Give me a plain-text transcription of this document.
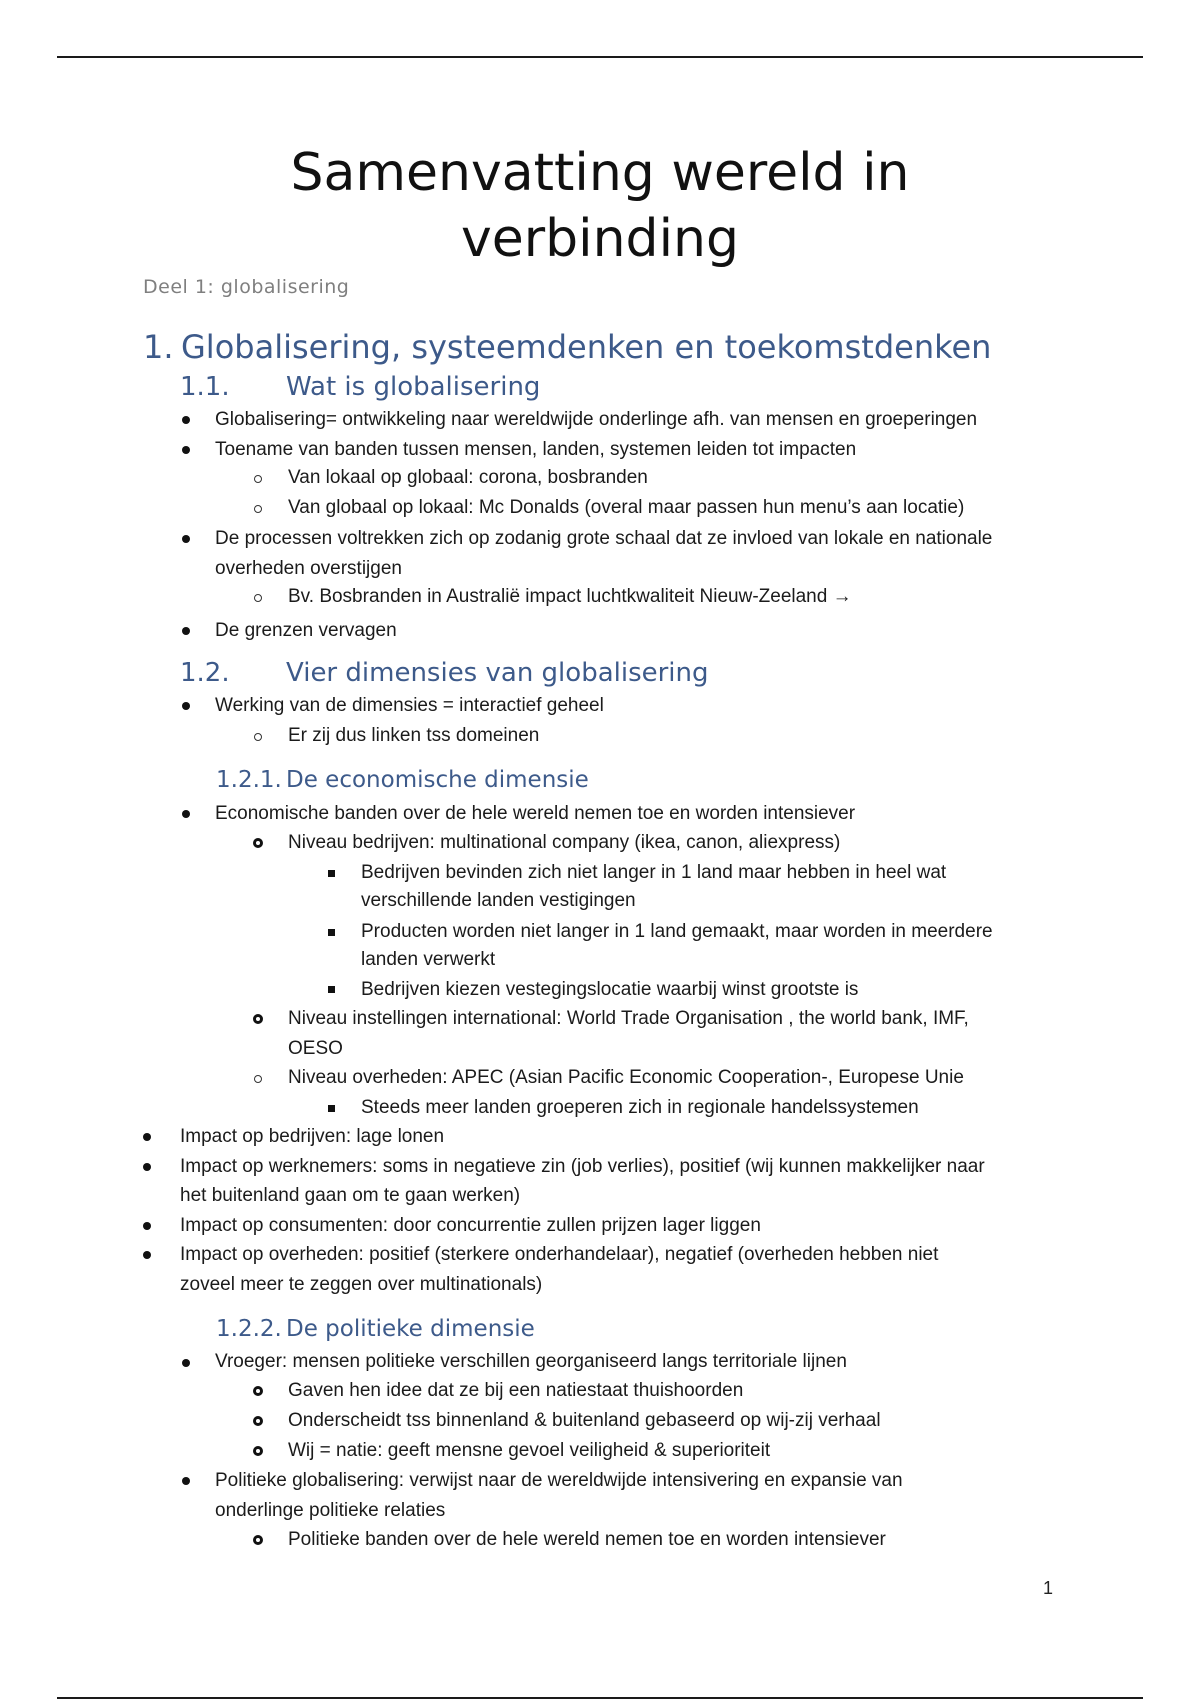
Samenvatting wereld in
verbinding
Deel 1: globalisering
1. Globalisering, systeemdenken en toekomstdenken
1.1. Wat is globalisering
Globalisering= ontwikkeling naar wereldwijde onderlinge afh. van mensen en groeperingen
Toename van banden tussen mensen, landen, systemen leiden tot impacten
Van lokaal op globaal: corona, bosbranden
Van globaal op lokaal: Mc Donalds (overal maar passen hun menu’s aan locatie)
De processen voltrekken zich op zodanig grote schaal dat ze invloed van lokale en nationale
overheden overstijgen
Bv. Bosbranden in Australië impact luchtkwaliteit Nieuw-Zeeland →
De grenzen vervagen
1.2. Vier dimensies van globalisering
Werking van de dimensies = interactief geheel
Er zij dus linken tss domeinen
1.2.1. De economische dimensie
Economische banden over de hele wereld nemen toe en worden intensiever
Niveau bedrijven: multinational company (ikea, canon, aliexpress)
Bedrijven bevinden zich niet langer in 1 land maar hebben in heel wat
verschillende landen vestigingen
Producten worden niet langer in 1 land gemaakt, maar worden in meerdere
landen verwerkt
Bedrijven kiezen vestegingslocatie waarbij winst grootste is
Niveau instellingen international: World Trade Organisation , the world bank, IMF,
OESO
Niveau overheden: APEC (Asian Pacific Economic Cooperation-, Europese Unie
Steeds meer landen groeperen zich in regionale handelssystemen
Impact op bedrijven: lage lonen
Impact op werknemers: soms in negatieve zin (job verlies), positief (wij kunnen makkelijker naar
het buitenland gaan om te gaan werken)
Impact op consumenten: door concurrentie zullen prijzen lager liggen
Impact op overheden: positief (sterkere onderhandelaar), negatief (overheden hebben niet
zoveel meer te zeggen over multinationals)
1.2.2. De politieke dimensie
Vroeger: mensen politieke verschillen georganiseerd langs territoriale lijnen
Gaven hen idee dat ze bij een natiestaat thuishoorden
Onderscheidt tss binnenland & buitenland gebaseerd op wij-zij verhaal
Wij = natie: geeft mensne gevoel veiligheid & superioriteit
Politieke globalisering: verwijst naar de wereldwijde intensivering en expansie van
onderlinge politieke relaties
Politieke banden over de hele wereld nemen toe en worden intensiever
1
